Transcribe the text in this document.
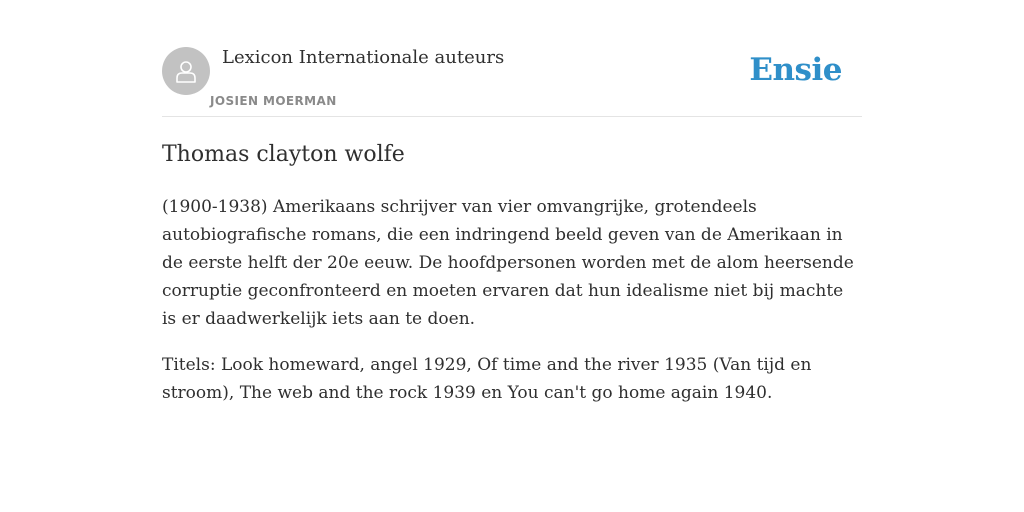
Lexicon Internationale auteurs
JOSIEN MOERMAN
Ensie
Thomas clayton wolfe

(1900-1938) Amerikaans schrijver van vier omvangrijke, grotendeels autobiografische romans, die een indringend beeld geven van de Amerikaan in de eerste helft der 20e eeuw. De hoofdpersonen worden met de alom heersende corruptie geconfronteerd en moeten ervaren dat hun idealisme niet bij machte is er daadwerkelijk iets aan te doen.

Titels: Look homeward, angel 1929, Of time and the river 1935 (Van tijd en stroom), The web and the rock 1939 en You can't go home again 1940.
